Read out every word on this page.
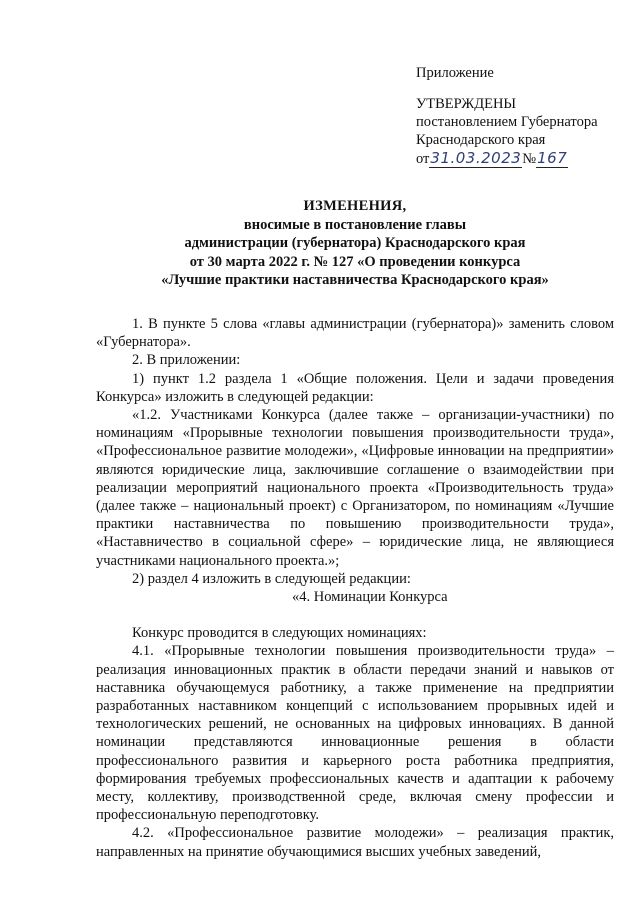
Приложение
УТВЕРЖДЕНЫ
постановлением Губернатора
Краснодарского края
от31.03.2023№167
ИЗМЕНЕНИЯ,
вносимые в постановление главы
администрации (губернатора) Краснодарского края
от 30 марта 2022 г. № 127 «О проведении конкурса
«Лучшие практики наставничества Краснодарского края»

1. В пункте 5 слова «главы администрации (губернатора)» заменить словом «Губернатора».

2. В приложении:

1) пункт 1.2 раздела 1 «Общие положения. Цели и задачи проведения Конкурса» изложить в следующей редакции:

«1.2. Участниками Конкурса (далее также – организации-участники) по номинациям «Прорывные технологии повышения производительности труда», «Профессиональное развитие молодежи», «Цифровые инновации на предприятии» являются юридические лица, заключившие соглашение о взаимодействии при реализации мероприятий национального проекта «Производительность труда» (далее также – национальный проект) с Организатором, по номинациям «Лучшие практики наставничества по повышению производительности труда», «Наставничество в социальной сфере» – юридические лица, не являющиеся участниками национального проекта.»;

2) раздел 4 изложить в следующей редакции:

«4. Номинации Конкурса

Конкурс проводится в следующих номинациях:

4.1. «Прорывные технологии повышения производительности труда» – реализация инновационных практик в области передачи знаний и навыков от наставника обучающемуся работнику, а также применение на предприятии разработанных наставником концепций с использованием прорывных идей и технологических решений, не основанных на цифровых инновациях. В данной номинации представляются инновационные решения в области профессионального развития и карьерного роста работника предприятия, формирования требуемых профессиональных качеств и адаптации к рабочему месту, коллективу, производственной среде, включая смену профессии и профессиональную переподготовку.

4.2. «Профессиональное развитие молодежи» – реализация практик, направленных на принятие обучающимися высших учебных заведений,
